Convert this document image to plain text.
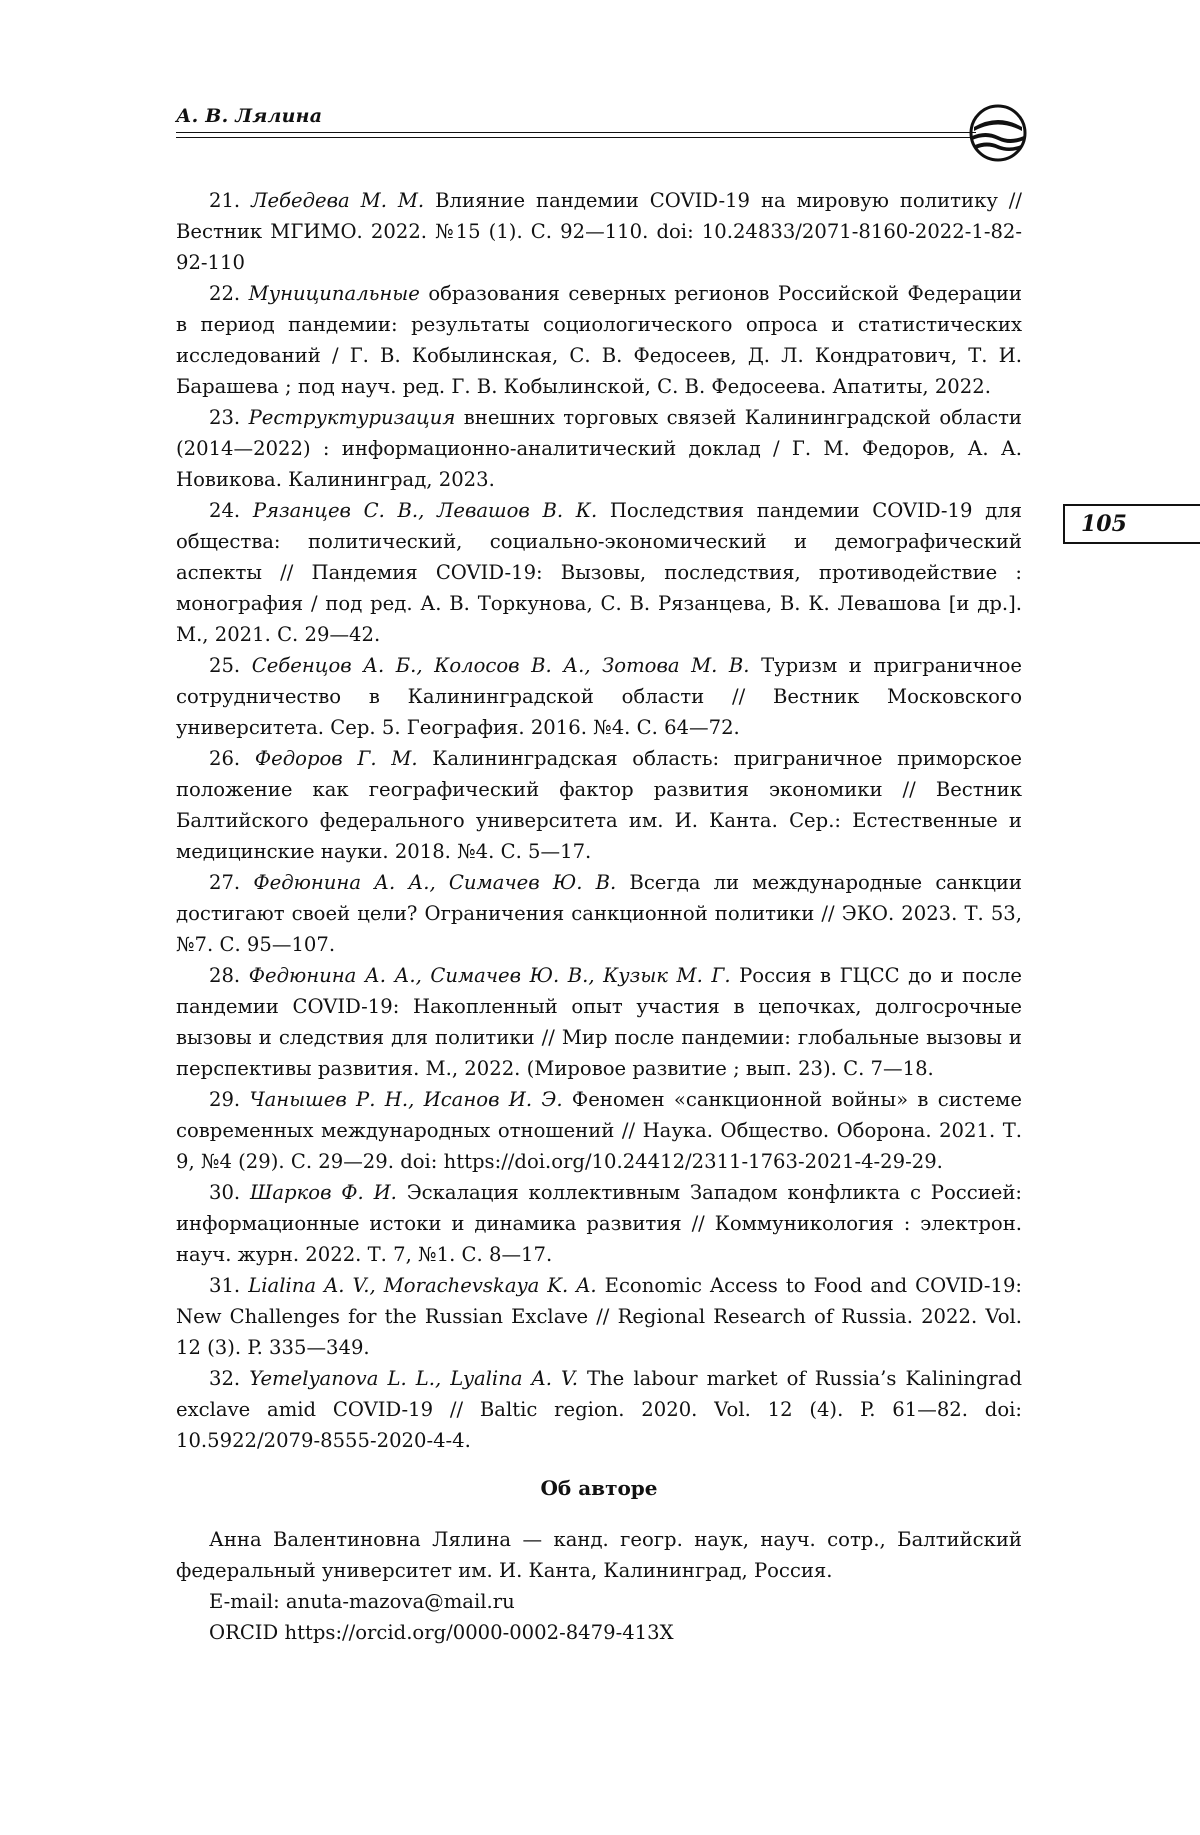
А. В. Лялина
105

21. Лебедева М. М. Влияние пандемии COVID-19 на мировую политику // Вестник МГИМО. 2022. №15 (1). С. 92—110. doi: 10.24833/2071-8160-2022-1-82-92-110

22. Муниципальные образования северных регионов Российской Федерации в период пандемии: результаты социологического опроса и статистических исследований / Г. В. Кобылинская, С. В. Федосеев, Д. Л. Кондратович, Т. И. Барашева ; под науч. ред. Г. В. Кобылинской, С. В. Федосеева. Апатиты, 2022.

23. Реструктуризация внешних торговых связей Калининградской области (2014—2022) : информационно-аналитический доклад / Г. М. Федоров, А. А. Новикова. Калининград, 2023.

24. Рязанцев С. В., Левашов В. К. Последствия пандемии COVID-19 для общества: политический, социально-экономический и демографический аспекты // Пандемия COVID-19: Вызовы, последствия, противодействие : монография / под ред. А. В. Торкунова, С. В. Рязанцева, В. К. Левашова [и др.]. М., 2021. С. 29—42.

25. Себенцов А. Б., Колосов В. А., Зотова М. В. Туризм и приграничное сотрудничество в Калининградской области // Вестник Московского университета. Сер. 5. География. 2016. №4. С. 64—72.

26. Федоров Г. М. Калининградская область: приграничное приморское положение как географический фактор развития экономики // Вестник Балтийского федерального университета им. И. Канта. Сер.: Естественные и медицинские науки. 2018. №4. С. 5—17.

27. Федюнина А. А., Симачев Ю. В. Всегда ли международные санкции достигают своей цели? Ограничения санкционной политики // ЭКО. 2023. Т. 53, №7. С. 95—107.

28. Федюнина А. А., Симачев Ю. В., Кузык М. Г. Россия в ГЦСС до и после пандемии COVID-19: Накопленный опыт участия в цепочках, долгосрочные вызовы и следствия для политики // Мир после пандемии: глобальные вызовы и перспективы развития. М., 2022. (Мировое развитие ; вып. 23). С. 7—18.

29. Чанышев Р. Н., Исанов И. Э. Феномен «санкционной войны» в системе современных международных отношений // Наука. Общество. Оборона. 2021. Т. 9, №4 (29). С. 29—29. doi: https://doi.org/10.24412/2311-1763-2021-4-29-29.

30. Шарков Ф. И. Эскалация коллективным Западом конфликта с Россией: информационные истоки и динамика развития // Коммуникология : электрон. науч. журн. 2022. Т. 7, №1. С. 8—17.

31. Lialina A. V., Morachevskaya K. A. Economic Access to Food and COVID-19: New Challenges for the Russian Exclave // Regional Research of Russia. 2022. Vol. 12 (3). P. 335—349.

32. Yemelyanova L. L., Lyalina A. V. The labour market of Russia’s Kaliningrad exclave amid COVID-19 // Baltic region. 2020. Vol. 12 (4). P. 61—82. doi: 10.5922/2079-8555-2020-4-4.

Об авторе

Анна Валентиновна Лялина — канд. геогр. наук, науч. сотр., Балтийский федеральный университет им. И. Канта, Калининград, Россия.

E-mail: anuta-mazova@mail.ru

ORCID https://orcid.org/0000-0002-8479-413X
